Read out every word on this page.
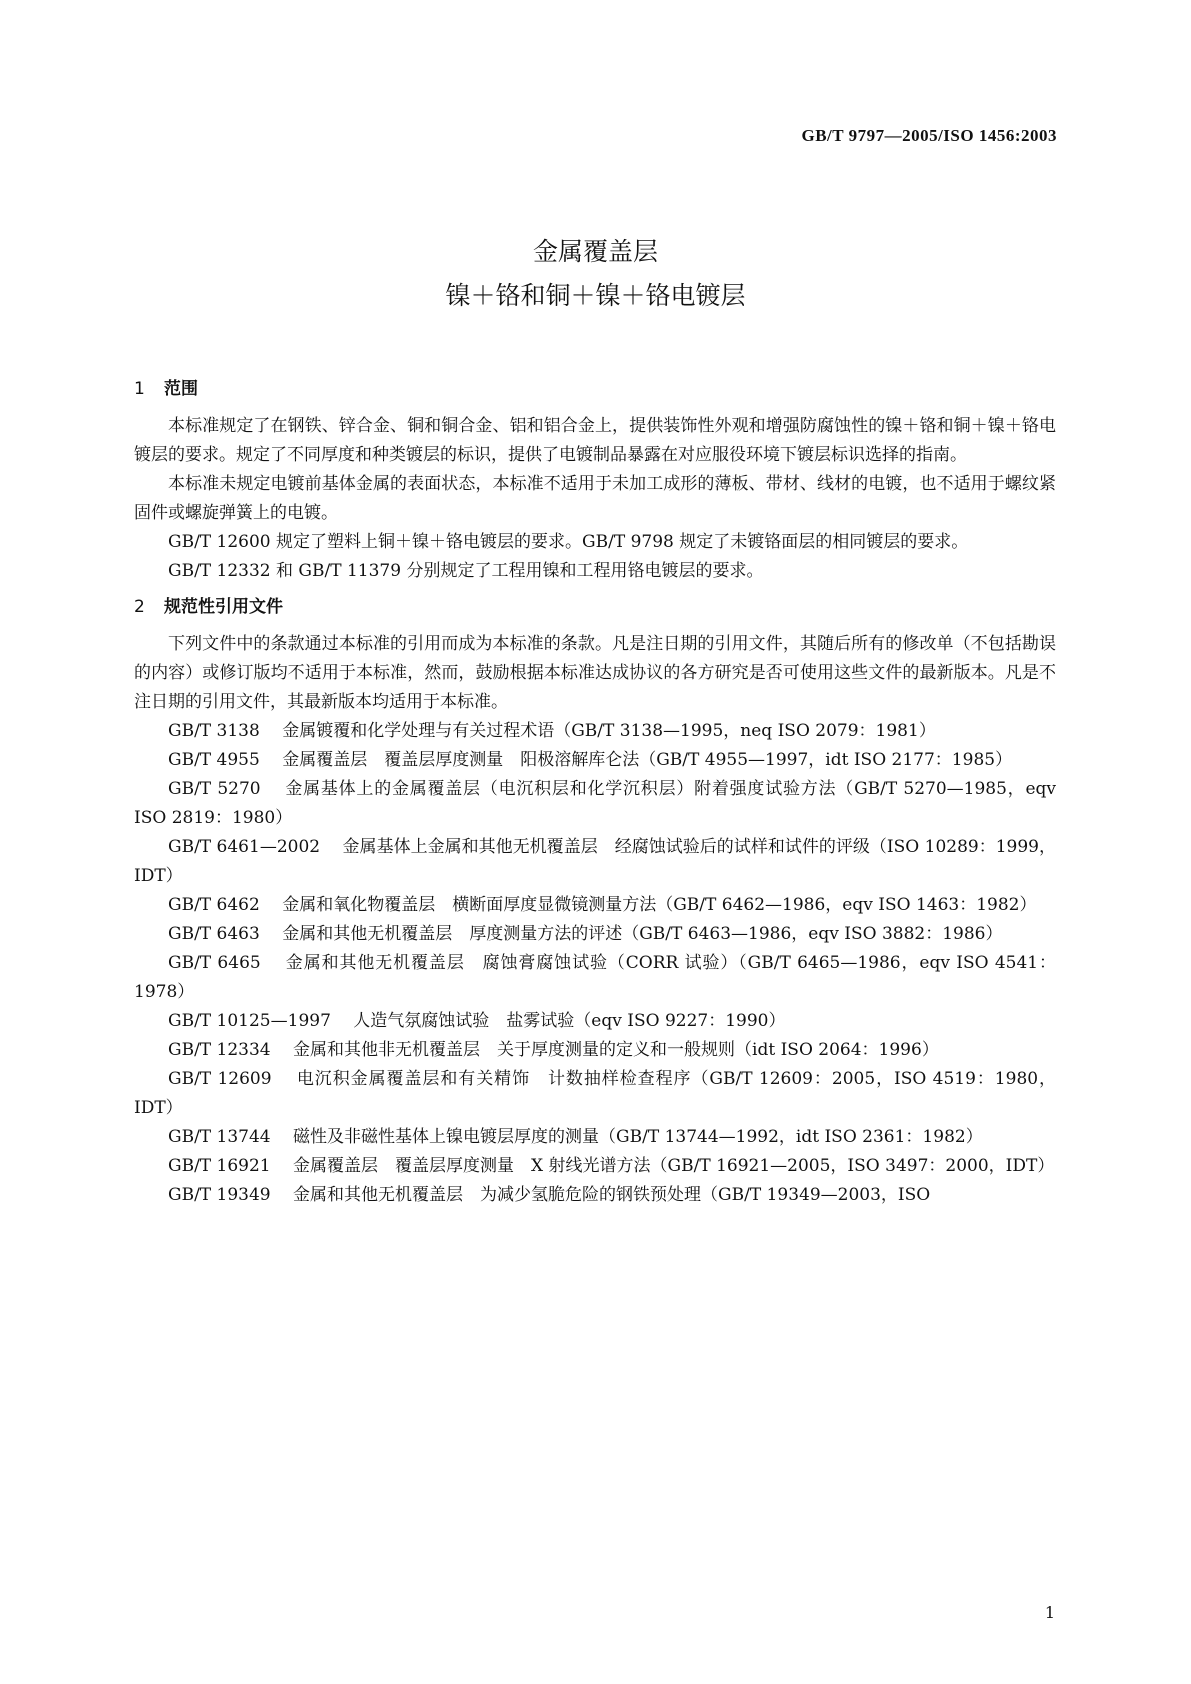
GB/T 9797—2005/ISO 1456:2003
金属覆盖层
镍＋铬和铜＋镍＋铬电镀层
1 范围

本标准规定了在钢铁、锌合金、铜和铜合金、铝和铝合金上，提供装饰性外观和增强防腐蚀性的镍＋铬和铜＋镍＋铬电镀层的要求。规定了不同厚度和种类镀层的标识，提供了电镀制品暴露在对应服役环境下镀层标识选择的指南。

本标准未规定电镀前基体金属的表面状态，本标准不适用于未加工成形的薄板、带材、线材的电镀，也不适用于螺纹紧固件或螺旋弹簧上的电镀。

GB/T 12600 规定了塑料上铜＋镍＋铬电镀层的要求。GB/T 9798 规定了未镀铬面层的相同镀层的要求。

GB/T 12332 和 GB/T 11379 分别规定了工程用镍和工程用铬电镀层的要求。

2 规范性引用文件

下列文件中的条款通过本标准的引用而成为本标准的条款。凡是注日期的引用文件，其随后所有的修改单（不包括勘误的内容）或修订版均不适用于本标准，然而，鼓励根据本标准达成协议的各方研究是否可使用这些文件的最新版本。凡是不注日期的引用文件，其最新版本均适用于本标准。

GB/T 3138　 金属镀覆和化学处理与有关过程术语（GB/T 3138—1995，neq ISO 2079：1981）

GB/T 4955　 金属覆盖层　覆盖层厚度测量　阳极溶解库仑法（GB/T 4955—1997，idt ISO 2177：1985）

GB/T 5270　 金属基体上的金属覆盖层（电沉积层和化学沉积层）附着强度试验方法（GB/T 5270—1985，eqv ISO 2819：1980）

GB/T 6461—2002　 金属基体上金属和其他无机覆盖层　经腐蚀试验后的试样和试件的评级（ISO 10289：1999，IDT）

GB/T 6462　 金属和氧化物覆盖层　横断面厚度显微镜测量方法（GB/T 6462—1986，eqv ISO 1463：1982）

GB/T 6463　 金属和其他无机覆盖层　厚度测量方法的评述（GB/T 6463—1986，eqv ISO 3882：1986）

GB/T 6465　 金属和其他无机覆盖层　腐蚀膏腐蚀试验（CORR 试验）（GB/T 6465—1986，eqv ISO 4541：1978）

GB/T 10125—1997　 人造气氛腐蚀试验　盐雾试验（eqv ISO 9227：1990）

GB/T 12334　 金属和其他非无机覆盖层　关于厚度测量的定义和一般规则（idt ISO 2064：1996）

GB/T 12609　 电沉积金属覆盖层和有关精饰　计数抽样检查程序（GB/T 12609：2005，ISO 4519：1980，IDT）

GB/T 13744　 磁性及非磁性基体上镍电镀层厚度的测量（GB/T 13744—1992，idt ISO 2361：1982）

GB/T 16921　 金属覆盖层　覆盖层厚度测量　X 射线光谱方法（GB/T 16921—2005，ISO 3497：2000，IDT）

GB/T 19349　 金属和其他无机覆盖层　为减少氢脆危险的钢铁预处理（GB/T 19349—2003，ISO

1
